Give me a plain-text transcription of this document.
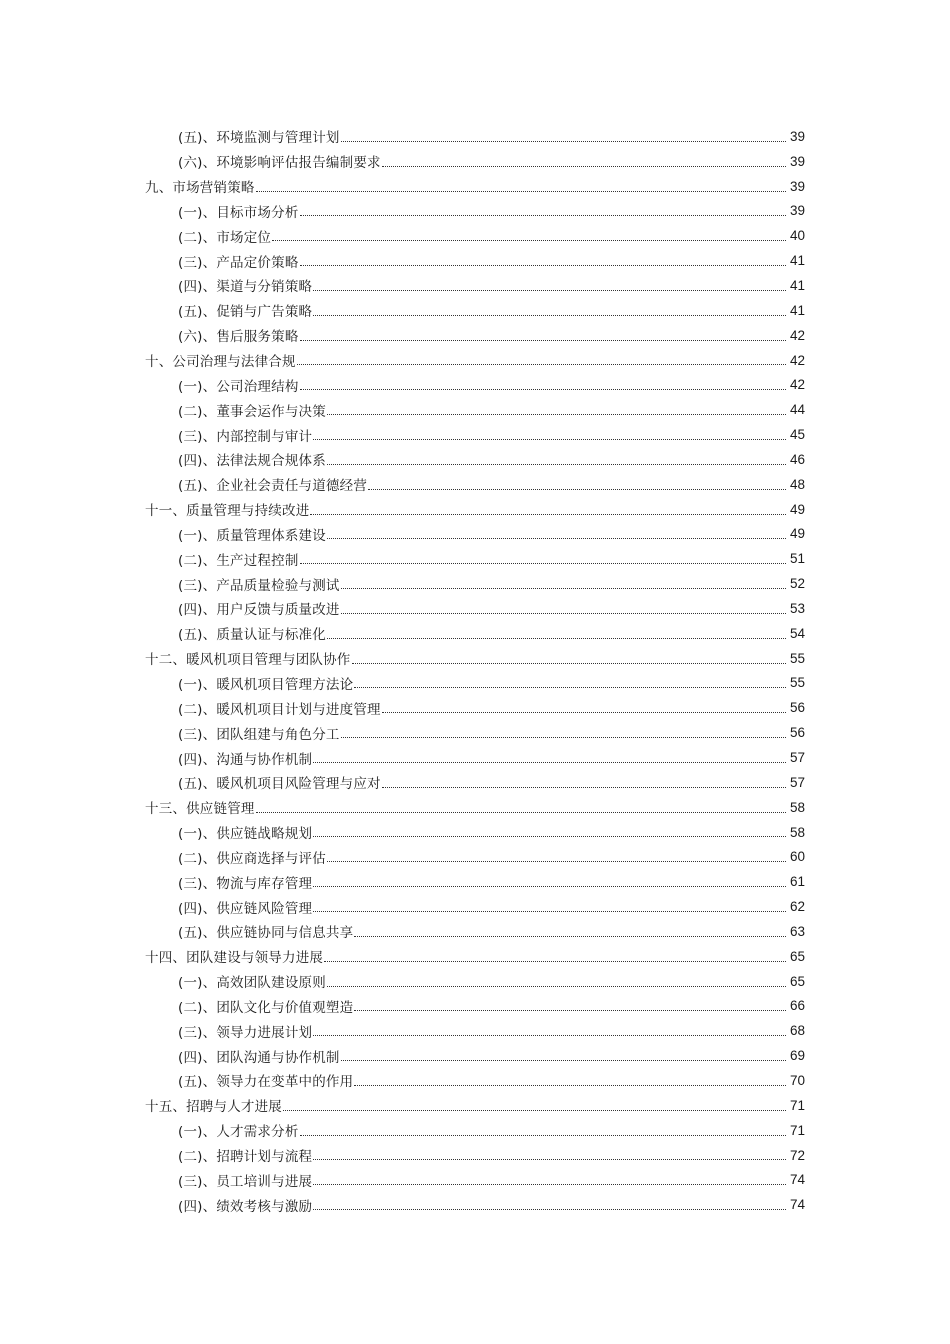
(五)、环境监测与管理计划	39
(六)、环境影响评估报告编制要求	39
九、市场营销策略	39
(一)、目标市场分析	39
(二)、市场定位	40
(三)、产品定价策略	41
(四)、渠道与分销策略	41
(五)、促销与广告策略	41
(六)、售后服务策略	42
十、公司治理与法律合规	42
(一)、公司治理结构	42
(二)、董事会运作与决策	44
(三)、内部控制与审计	45
(四)、法律法规合规体系	46
(五)、企业社会责任与道德经营	48
十一、质量管理与持续改进	49
(一)、质量管理体系建设	49
(二)、生产过程控制	51
(三)、产品质量检验与测试	52
(四)、用户反馈与质量改进	53
(五)、质量认证与标准化	54
十二、暖风机项目管理与团队协作	55
(一)、暖风机项目管理方法论	55
(二)、暖风机项目计划与进度管理	56
(三)、团队组建与角色分工	56
(四)、沟通与协作机制	57
(五)、暖风机项目风险管理与应对	57
十三、供应链管理	58
(一)、供应链战略规划	58
(二)、供应商选择与评估	60
(三)、物流与库存管理	61
(四)、供应链风险管理	62
(五)、供应链协同与信息共享	63
十四、团队建设与领导力进展	65
(一)、高效团队建设原则	65
(二)、团队文化与价值观塑造	66
(三)、领导力进展计划	68
(四)、团队沟通与协作机制	69
(五)、领导力在变革中的作用	70
十五、招聘与人才进展	71
(一)、人才需求分析	71
(二)、招聘计划与流程	72
(三)、员工培训与进展	74
(四)、绩效考核与激励	74
